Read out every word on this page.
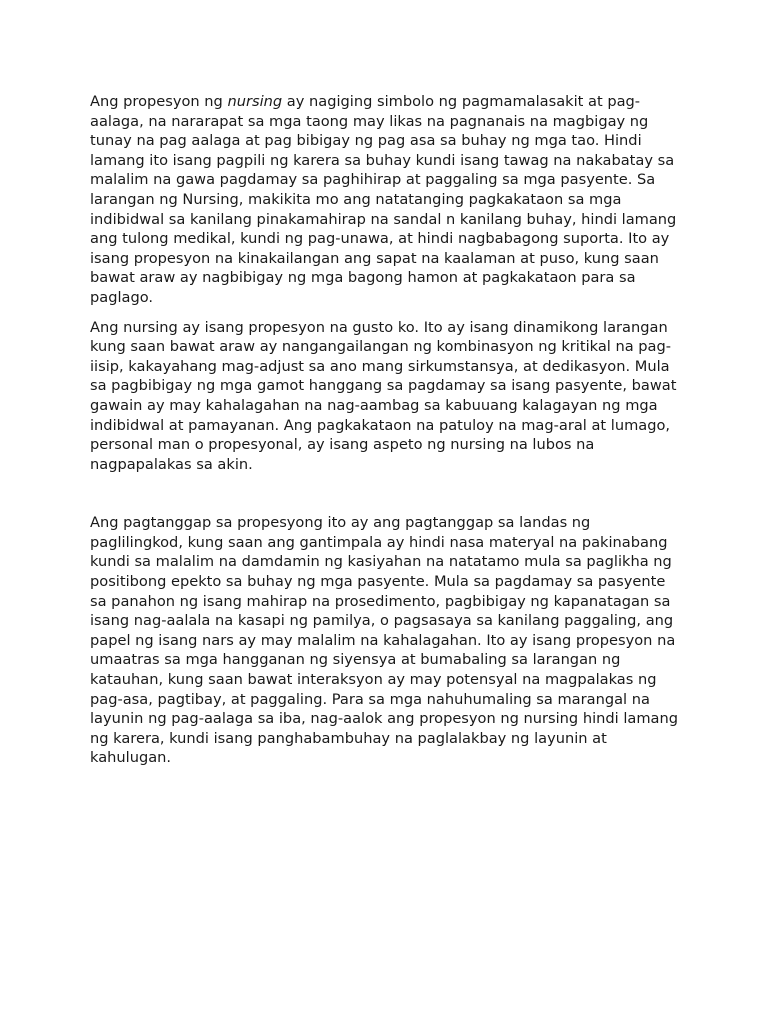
Ang propesyon ng nursing ay nagiging simbolo ng pagmamalasakit at pag-aalaga, na nararapat sa mga taong may likas na pagnanais na magbigay ng tunay na pag aalaga at pag bibigay ng pag asa sa buhay ng mga tao. Hindi lamang ito isang pagpili ng karera sa buhay kundi isang tawag na nakabatay sa malalim na gawa pagdamay sa paghihirap at paggaling sa mga pasyente. Sa larangan ng Nursing, makikita mo ang natatanging pagkakataon sa mga indibidwal sa kanilang pinakamahirap na sandal n kanilang buhay, hindi lamang ang tulong medikal, kundi ng pag-unawa, at hindi nagbabagong suporta. Ito ay isang propesyon na kinakailangan ang sapat na kaalaman at puso, kung saan bawat araw ay nagbibigay ng mga bagong hamon at pagkakataon para sa paglago.

Ang nursing ay isang propesyon na gusto ko. Ito ay isang dinamikong larangan kung saan bawat araw ay nangangailangan ng kombinasyon ng kritikal na pag-iisip, kakayahang mag-adjust sa ano mang sirkumstansya, at dedikasyon. Mula sa pagbibigay ng mga gamot hanggang sa pagdamay sa isang pasyente, bawat gawain ay may kahalagahan na nag-aambag sa kabuuang kalagayan ng mga indibidwal at pamayanan. Ang pagkakataon na patuloy na mag-aral at lumago, personal man o propesyonal, ay isang aspeto ng nursing na lubos na nagpapalakas sa akin.

Ang pagtanggap sa propesyong ito ay ang pagtanggap sa landas ng paglilingkod, kung saan ang gantimpala ay hindi nasa materyal na pakinabang kundi sa malalim na damdamin ng kasiyahan na natatamo mula sa paglikha ng positibong epekto sa buhay ng mga pasyente. Mula sa pagdamay sa pasyente sa panahon ng isang mahirap na prosedimento, pagbibigay ng kapanatagan sa isang nag-aalala na kasapi ng pamilya, o pagsasaya sa kanilang paggaling, ang papel ng isang nars ay may malalim na kahalagahan. Ito ay isang propesyon na umaatras sa mga hangganan ng siyensya at bumabaling sa larangan ng katauhan, kung saan bawat interaksyon ay may potensyal na magpalakas ng pag-asa, pagtibay, at paggaling. Para sa mga nahuhumaling sa marangal na layunin ng pag-aalaga sa iba, nag-aalok ang propesyon ng nursing hindi lamang ng karera, kundi isang panghabambuhay na paglalakbay ng layunin at kahulugan.
